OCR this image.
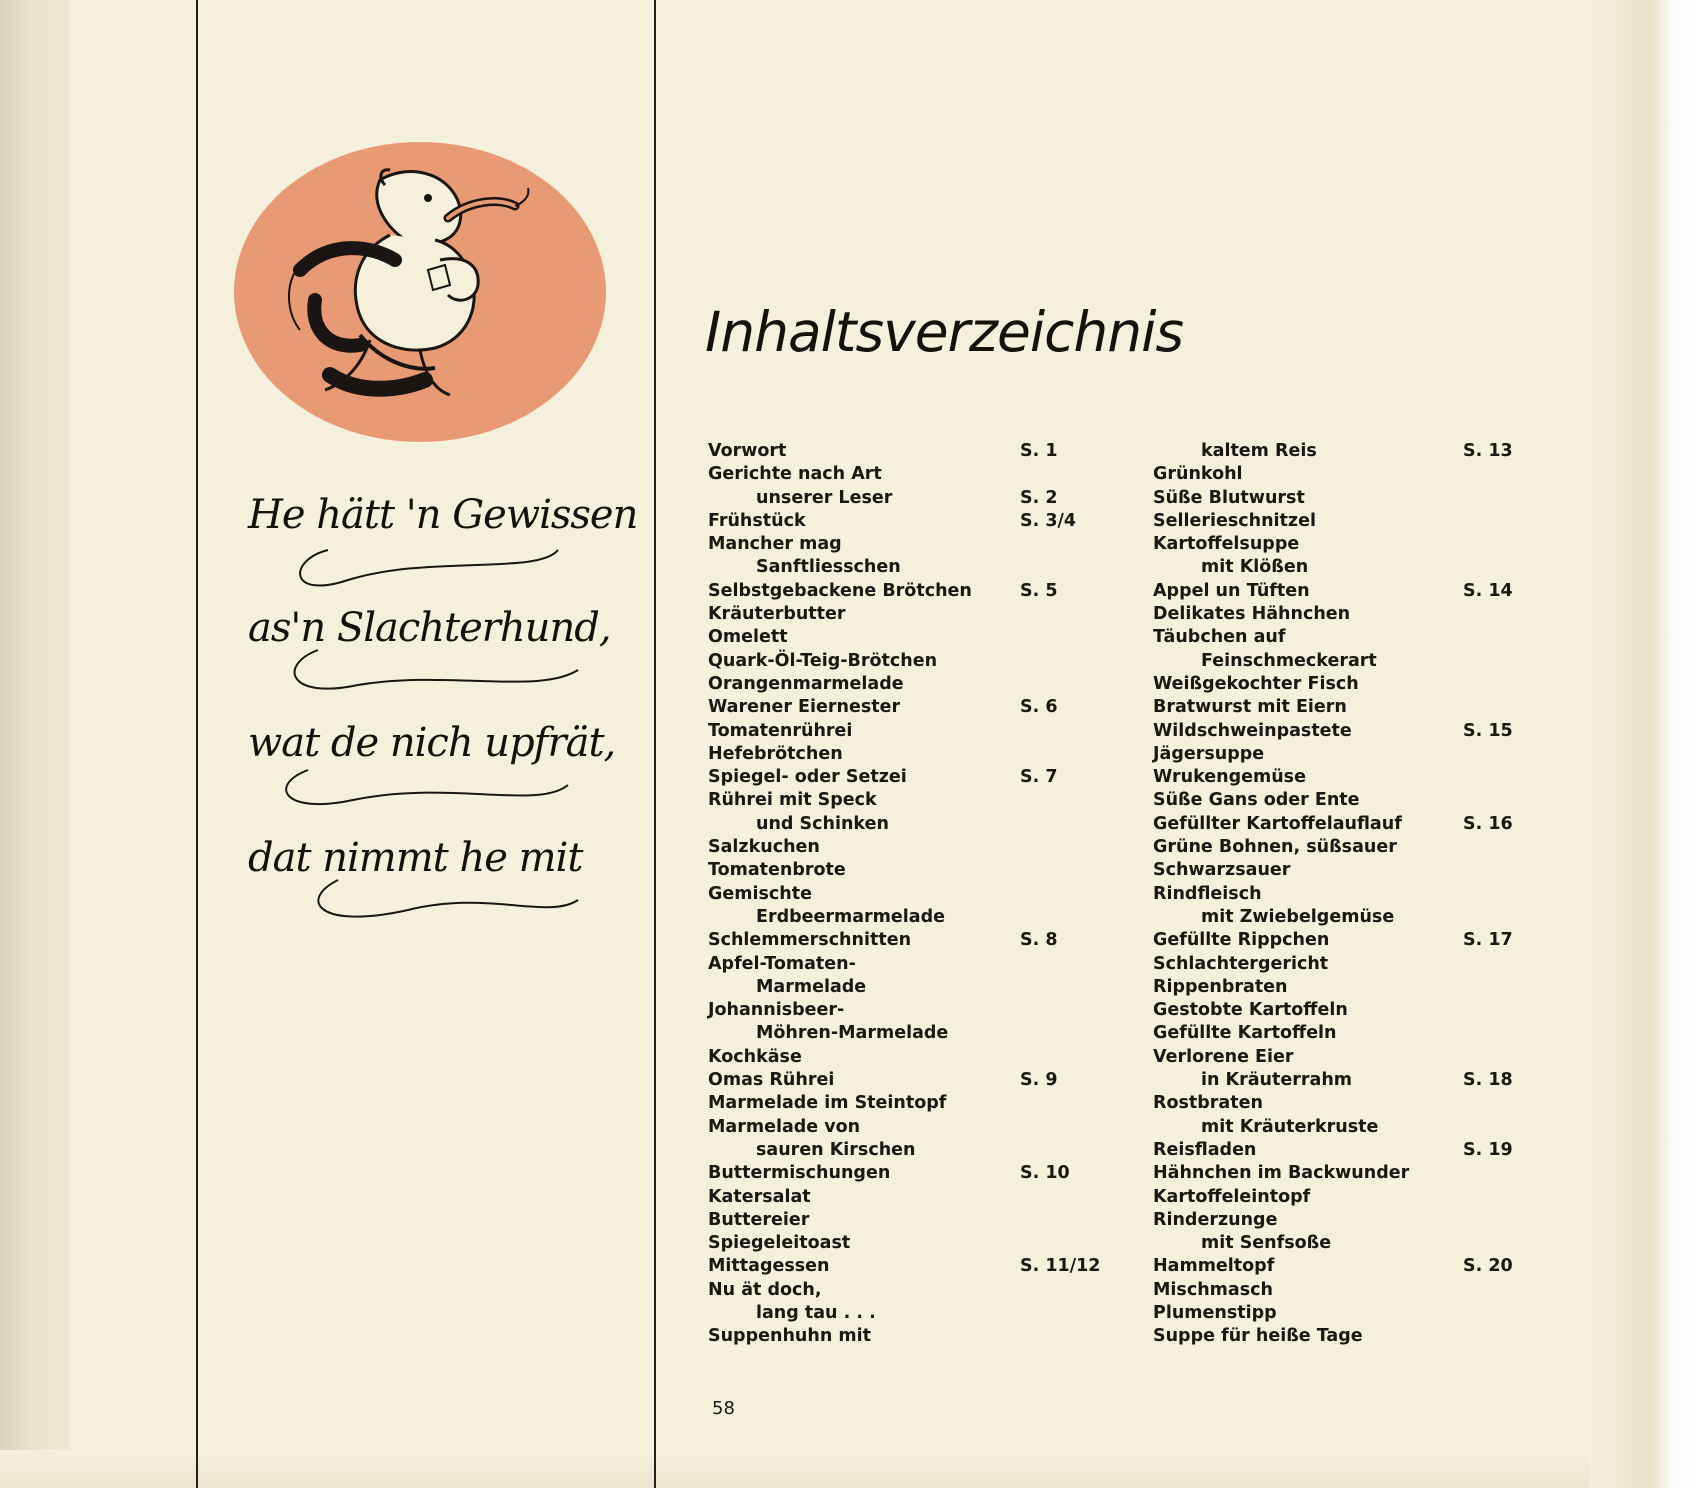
He hätt 'n Gewissen
as'n Slachterhund,
wat de nich upfrät,
dat nimmt he mit
Inhaltsverzeichnis
Vorwort	S. 1
Gerichte nach Art
unserer Leser	S. 2
Frühstück	S. 3/4
Mancher mag
Sanftliesschen
Selbstgebackene Brötchen	S. 5
Kräuterbutter
Omelett
Quark-Öl-Teig-Brötchen
Orangenmarmelade
Warener Eiernester	S. 6
Tomatenrührei
Hefebrötchen
Spiegel- oder Setzei	S. 7
Rührei mit Speck
und Schinken
Salzkuchen
Tomatenbrote
Gemischte
Erdbeermarmelade
Schlemmerschnitten	S. 8
Apfel-Tomaten-
Marmelade
Johannisbeer-
Möhren-Marmelade
Kochkäse
Omas Rührei	S. 9
Marmelade im Steintopf
Marmelade von
sauren Kirschen
Buttermischungen	S. 10
Katersalat
Buttereier
Spiegeleitoast
Mittagessen	S. 11/12
Nu ät doch,
lang tau . . .
Suppenhuhn mit
kaltem Reis	S. 13
Grünkohl
Süße Blutwurst
Sellerieschnitzel
Kartoffelsuppe
mit Klößen
Appel un Tüften	S. 14
Delikates Hähnchen
Täubchen auf
Feinschmeckerart
Weißgekochter Fisch
Bratwurst mit Eiern
Wildschweinpastete	S. 15
Jägersuppe
Wrukengemüse
Süße Gans oder Ente
Gefüllter Kartoffelauflauf	S. 16
Grüne Bohnen, süßsauer
Schwarzsauer
Rindfleisch
mit Zwiebelgemüse
Gefüllte Rippchen	S. 17
Schlachtergericht
Rippenbraten
Gestobte Kartoffeln
Gefüllte Kartoffeln
Verlorene Eier
in Kräuterrahm	S. 18
Rostbraten
mit Kräuterkruste
Reisfladen	S. 19
Hähnchen im Backwunder
Kartoffeleintopf
Rinderzunge
mit Senfsoße
Hammeltopf	S. 20
Mischmasch
Plumenstipp
Suppe für heiße Tage
58
